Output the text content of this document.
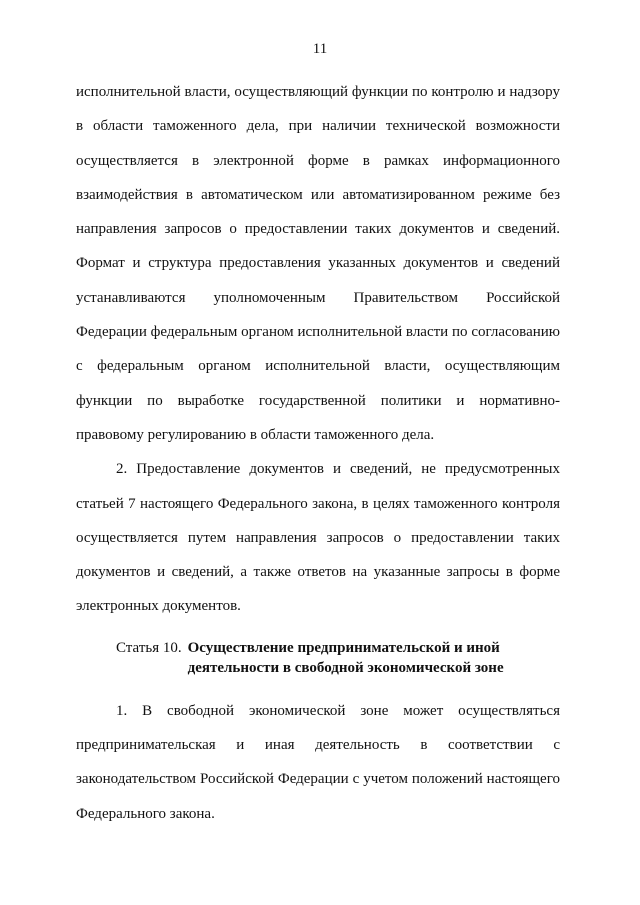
11

исполнительной власти, осуществляющий функции по контролю и надзору в области таможенного дела, при наличии технической возможности осуществляется в электронной форме в рамках информационного взаимодействия в автоматическом или автоматизированном режиме без направления запросов о предоставлении таких документов и сведений. Формат и структура предоставления указанных документов и сведений устанавливаются уполномоченным Правительством Российской Федерации федеральным органом исполнительной власти по согласованию с федеральным органом исполнительной власти, осуществляющим функции по выработке государственной политики и нормативно-правовому регулированию в области таможенного дела.

2. Предоставление документов и сведений, не предусмотренных статьей 7 настоящего Федерального закона, в целях таможенного контроля осуществляется путем направления запросов о предоставлении таких документов и сведений, а также ответов на указанные запросы в форме электронных документов.

Статья 10. Осуществление предпринимательской и иной
деятельности в свободной экономической зоне

1. В свободной экономической зоне может осуществляться предпринимательская и иная деятельность в соответствии с законодательством Российской Федерации с учетом положений настоящего Федерального закона.
